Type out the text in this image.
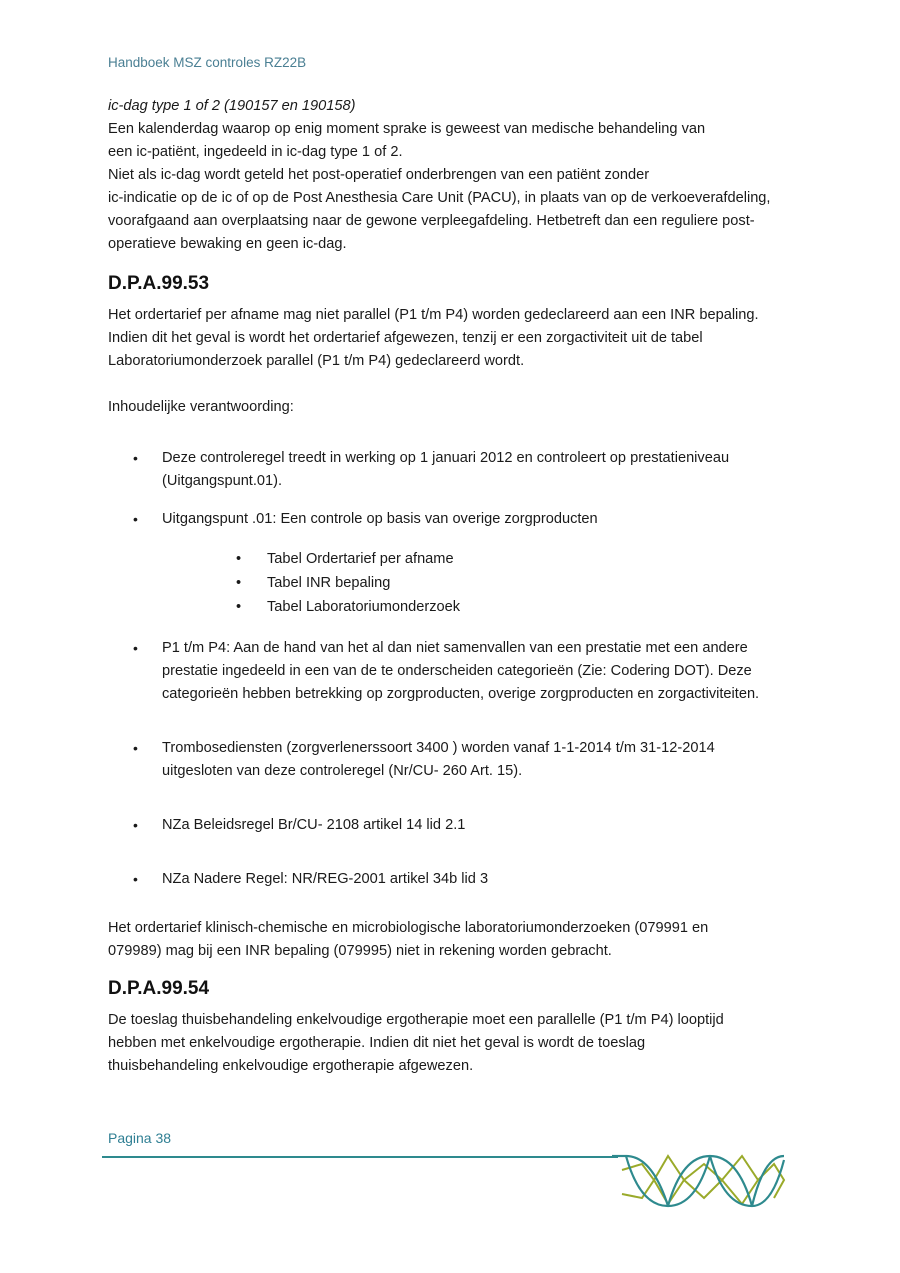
Handboek MSZ controles RZ22B

ic-dag type 1 of 2 (190157 en 190158)

Een kalenderdag waarop op enig moment sprake is geweest van medische behandeling van

een ic-patiënt, ingedeeld in ic-dag type 1 of 2.

Niet als ic-dag wordt geteld het post-operatief onderbrengen van een patiënt zonder

ic-indicatie op de ic of op de Post Anesthesia Care Unit (PACU), in plaats van op de verkoeverafdeling,

voorafgaand aan overplaatsing naar de gewone verpleegafdeling. Hetbetreft dan een reguliere post-

operatieve bewaking en geen ic-dag.

D.P.A.99.53

Het ordertarief per afname mag niet parallel (P1 t/m P4) worden gedeclareerd aan een INR bepaling.

Indien dit het geval is wordt het ordertarief afgewezen, tenzij er een zorgactiviteit uit de tabel

Laboratoriumonderzoek parallel (P1 t/m P4) gedeclareerd wordt.

Inhoudelijke verantwoording:

• Deze controleregel treedt in werking op 1 januari 2012 en controleert op prestatieniveau
(Uitgangspunt.01).
• Uitgangspunt .01: Een controle op basis van overige zorgproducten
• Tabel Ordertarief per afname
• Tabel INR bepaling
• Tabel Laboratoriumonderzoek
• P1 t/m P4: Aan de hand van het al dan niet samenvallen van een prestatie met een andere
prestatie ingedeeld in een van de te onderscheiden categorieën (Zie: Codering DOT). Deze
categorieën hebben betrekking op zorgproducten, overige zorgproducten en zorgactiviteiten.
• Trombosediensten (zorgverlenerssoort 3400 ) worden vanaf 1-1-2014 t/m 31-12-2014
uitgesloten van deze controleregel (Nr/CU- 260 Art. 15).
• NZa Beleidsregel Br/CU- 2108 artikel 14 lid 2.1
• NZa Nadere Regel: NR/REG-2001 artikel 34b lid 3

Het ordertarief klinisch-chemische en microbiologische laboratoriumonderzoeken (079991 en

079989) mag bij een INR bepaling (079995) niet in rekening worden gebracht.

D.P.A.99.54

De toeslag thuisbehandeling enkelvoudige ergotherapie moet een parallelle (P1 t/m P4) looptijd

hebben met enkelvoudige ergotherapie. Indien dit niet het geval is wordt de toeslag

thuisbehandeling enkelvoudige ergotherapie afgewezen.

Pagina 38
